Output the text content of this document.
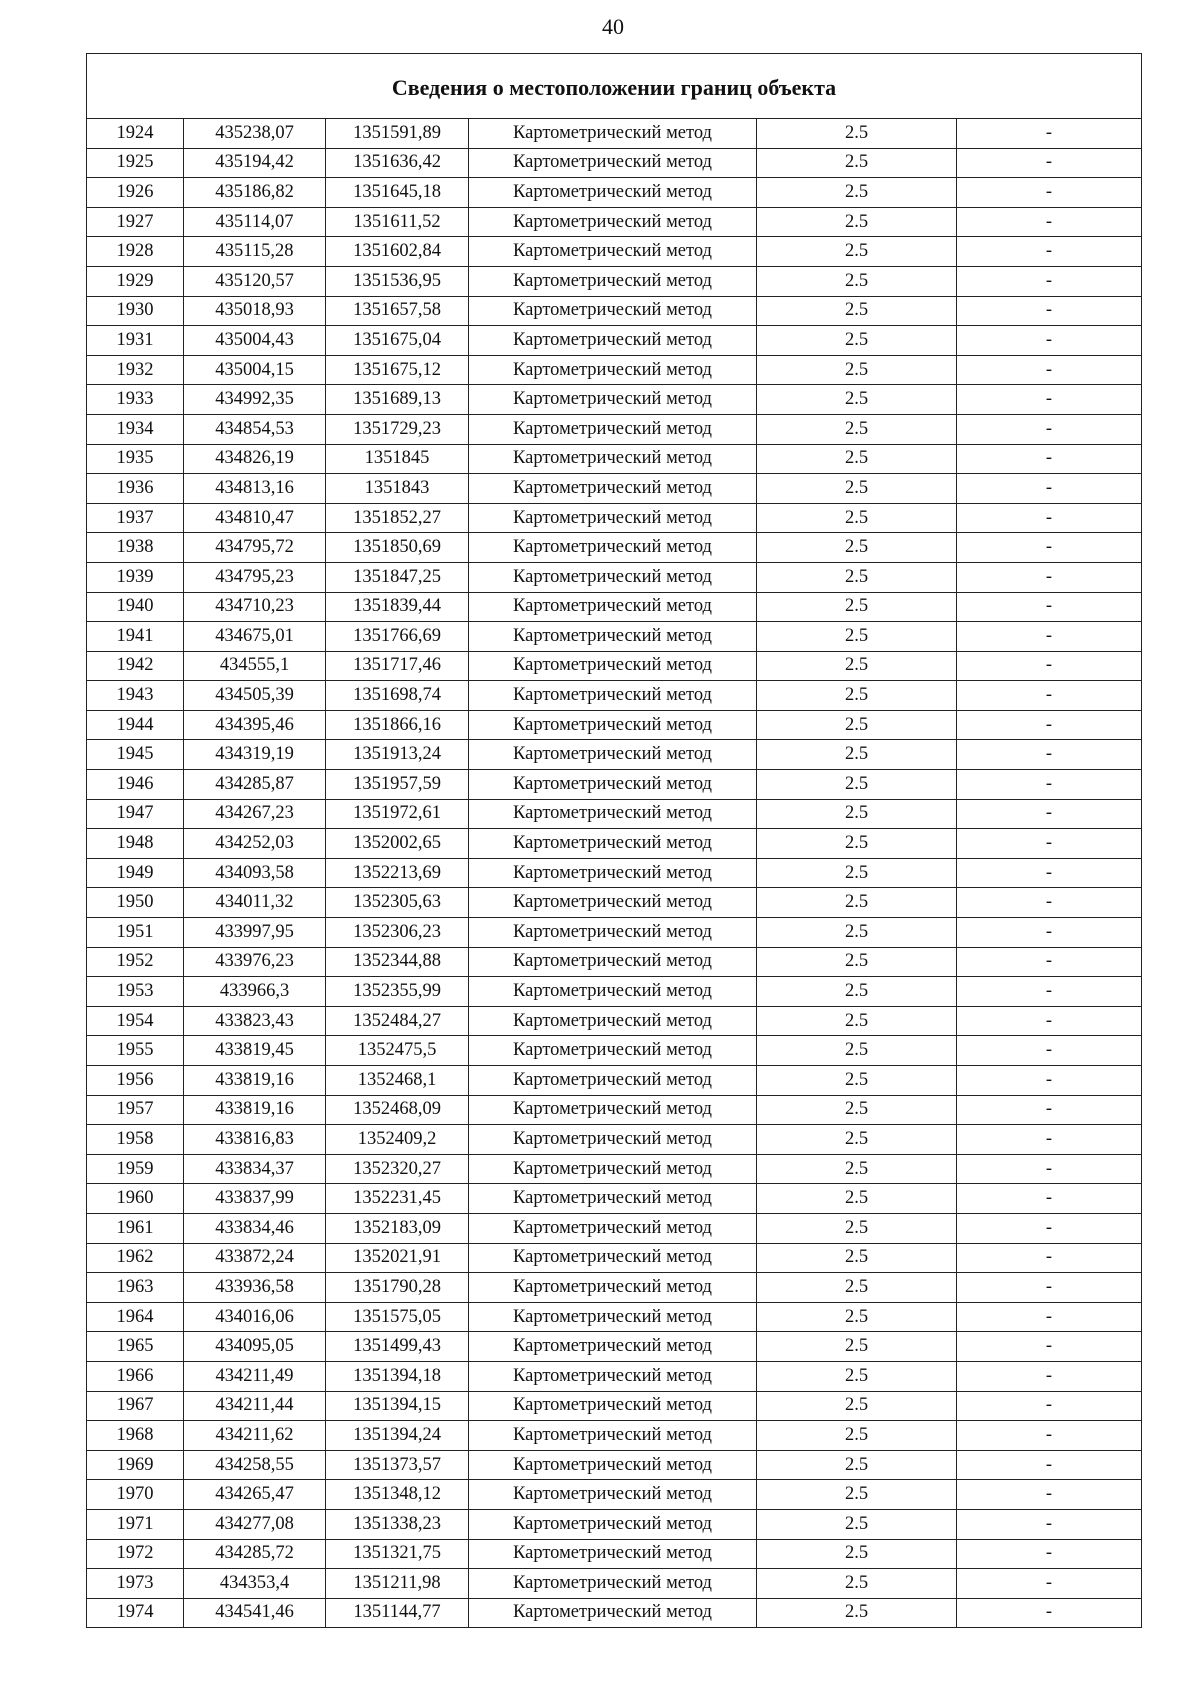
40
Сведения о местоположении границ объекта					
1924	435238,07	1351591,89	Картометрический метод	2.5	-
1925	435194,42	1351636,42	Картометрический метод	2.5	-
1926	435186,82	1351645,18	Картометрический метод	2.5	-
1927	435114,07	1351611,52	Картометрический метод	2.5	-
1928	435115,28	1351602,84	Картометрический метод	2.5	-
1929	435120,57	1351536,95	Картометрический метод	2.5	-
1930	435018,93	1351657,58	Картометрический метод	2.5	-
1931	435004,43	1351675,04	Картометрический метод	2.5	-
1932	435004,15	1351675,12	Картометрический метод	2.5	-
1933	434992,35	1351689,13	Картометрический метод	2.5	-
1934	434854,53	1351729,23	Картометрический метод	2.5	-
1935	434826,19	1351845	Картометрический метод	2.5	-
1936	434813,16	1351843	Картометрический метод	2.5	-
1937	434810,47	1351852,27	Картометрический метод	2.5	-
1938	434795,72	1351850,69	Картометрический метод	2.5	-
1939	434795,23	1351847,25	Картометрический метод	2.5	-
1940	434710,23	1351839,44	Картометрический метод	2.5	-
1941	434675,01	1351766,69	Картометрический метод	2.5	-
1942	434555,1	1351717,46	Картометрический метод	2.5	-
1943	434505,39	1351698,74	Картометрический метод	2.5	-
1944	434395,46	1351866,16	Картометрический метод	2.5	-
1945	434319,19	1351913,24	Картометрический метод	2.5	-
1946	434285,87	1351957,59	Картометрический метод	2.5	-
1947	434267,23	1351972,61	Картометрический метод	2.5	-
1948	434252,03	1352002,65	Картометрический метод	2.5	-
1949	434093,58	1352213,69	Картометрический метод	2.5	-
1950	434011,32	1352305,63	Картометрический метод	2.5	-
1951	433997,95	1352306,23	Картометрический метод	2.5	-
1952	433976,23	1352344,88	Картометрический метод	2.5	-
1953	433966,3	1352355,99	Картометрический метод	2.5	-
1954	433823,43	1352484,27	Картометрический метод	2.5	-
1955	433819,45	1352475,5	Картометрический метод	2.5	-
1956	433819,16	1352468,1	Картометрический метод	2.5	-
1957	433819,16	1352468,09	Картометрический метод	2.5	-
1958	433816,83	1352409,2	Картометрический метод	2.5	-
1959	433834,37	1352320,27	Картометрический метод	2.5	-
1960	433837,99	1352231,45	Картометрический метод	2.5	-
1961	433834,46	1352183,09	Картометрический метод	2.5	-
1962	433872,24	1352021,91	Картометрический метод	2.5	-
1963	433936,58	1351790,28	Картометрический метод	2.5	-
1964	434016,06	1351575,05	Картометрический метод	2.5	-
1965	434095,05	1351499,43	Картометрический метод	2.5	-
1966	434211,49	1351394,18	Картометрический метод	2.5	-
1967	434211,44	1351394,15	Картометрический метод	2.5	-
1968	434211,62	1351394,24	Картометрический метод	2.5	-
1969	434258,55	1351373,57	Картометрический метод	2.5	-
1970	434265,47	1351348,12	Картометрический метод	2.5	-
1971	434277,08	1351338,23	Картометрический метод	2.5	-
1972	434285,72	1351321,75	Картометрический метод	2.5	-
1973	434353,4	1351211,98	Картометрический метод	2.5	-
1974	434541,46	1351144,77	Картометрический метод	2.5	-
